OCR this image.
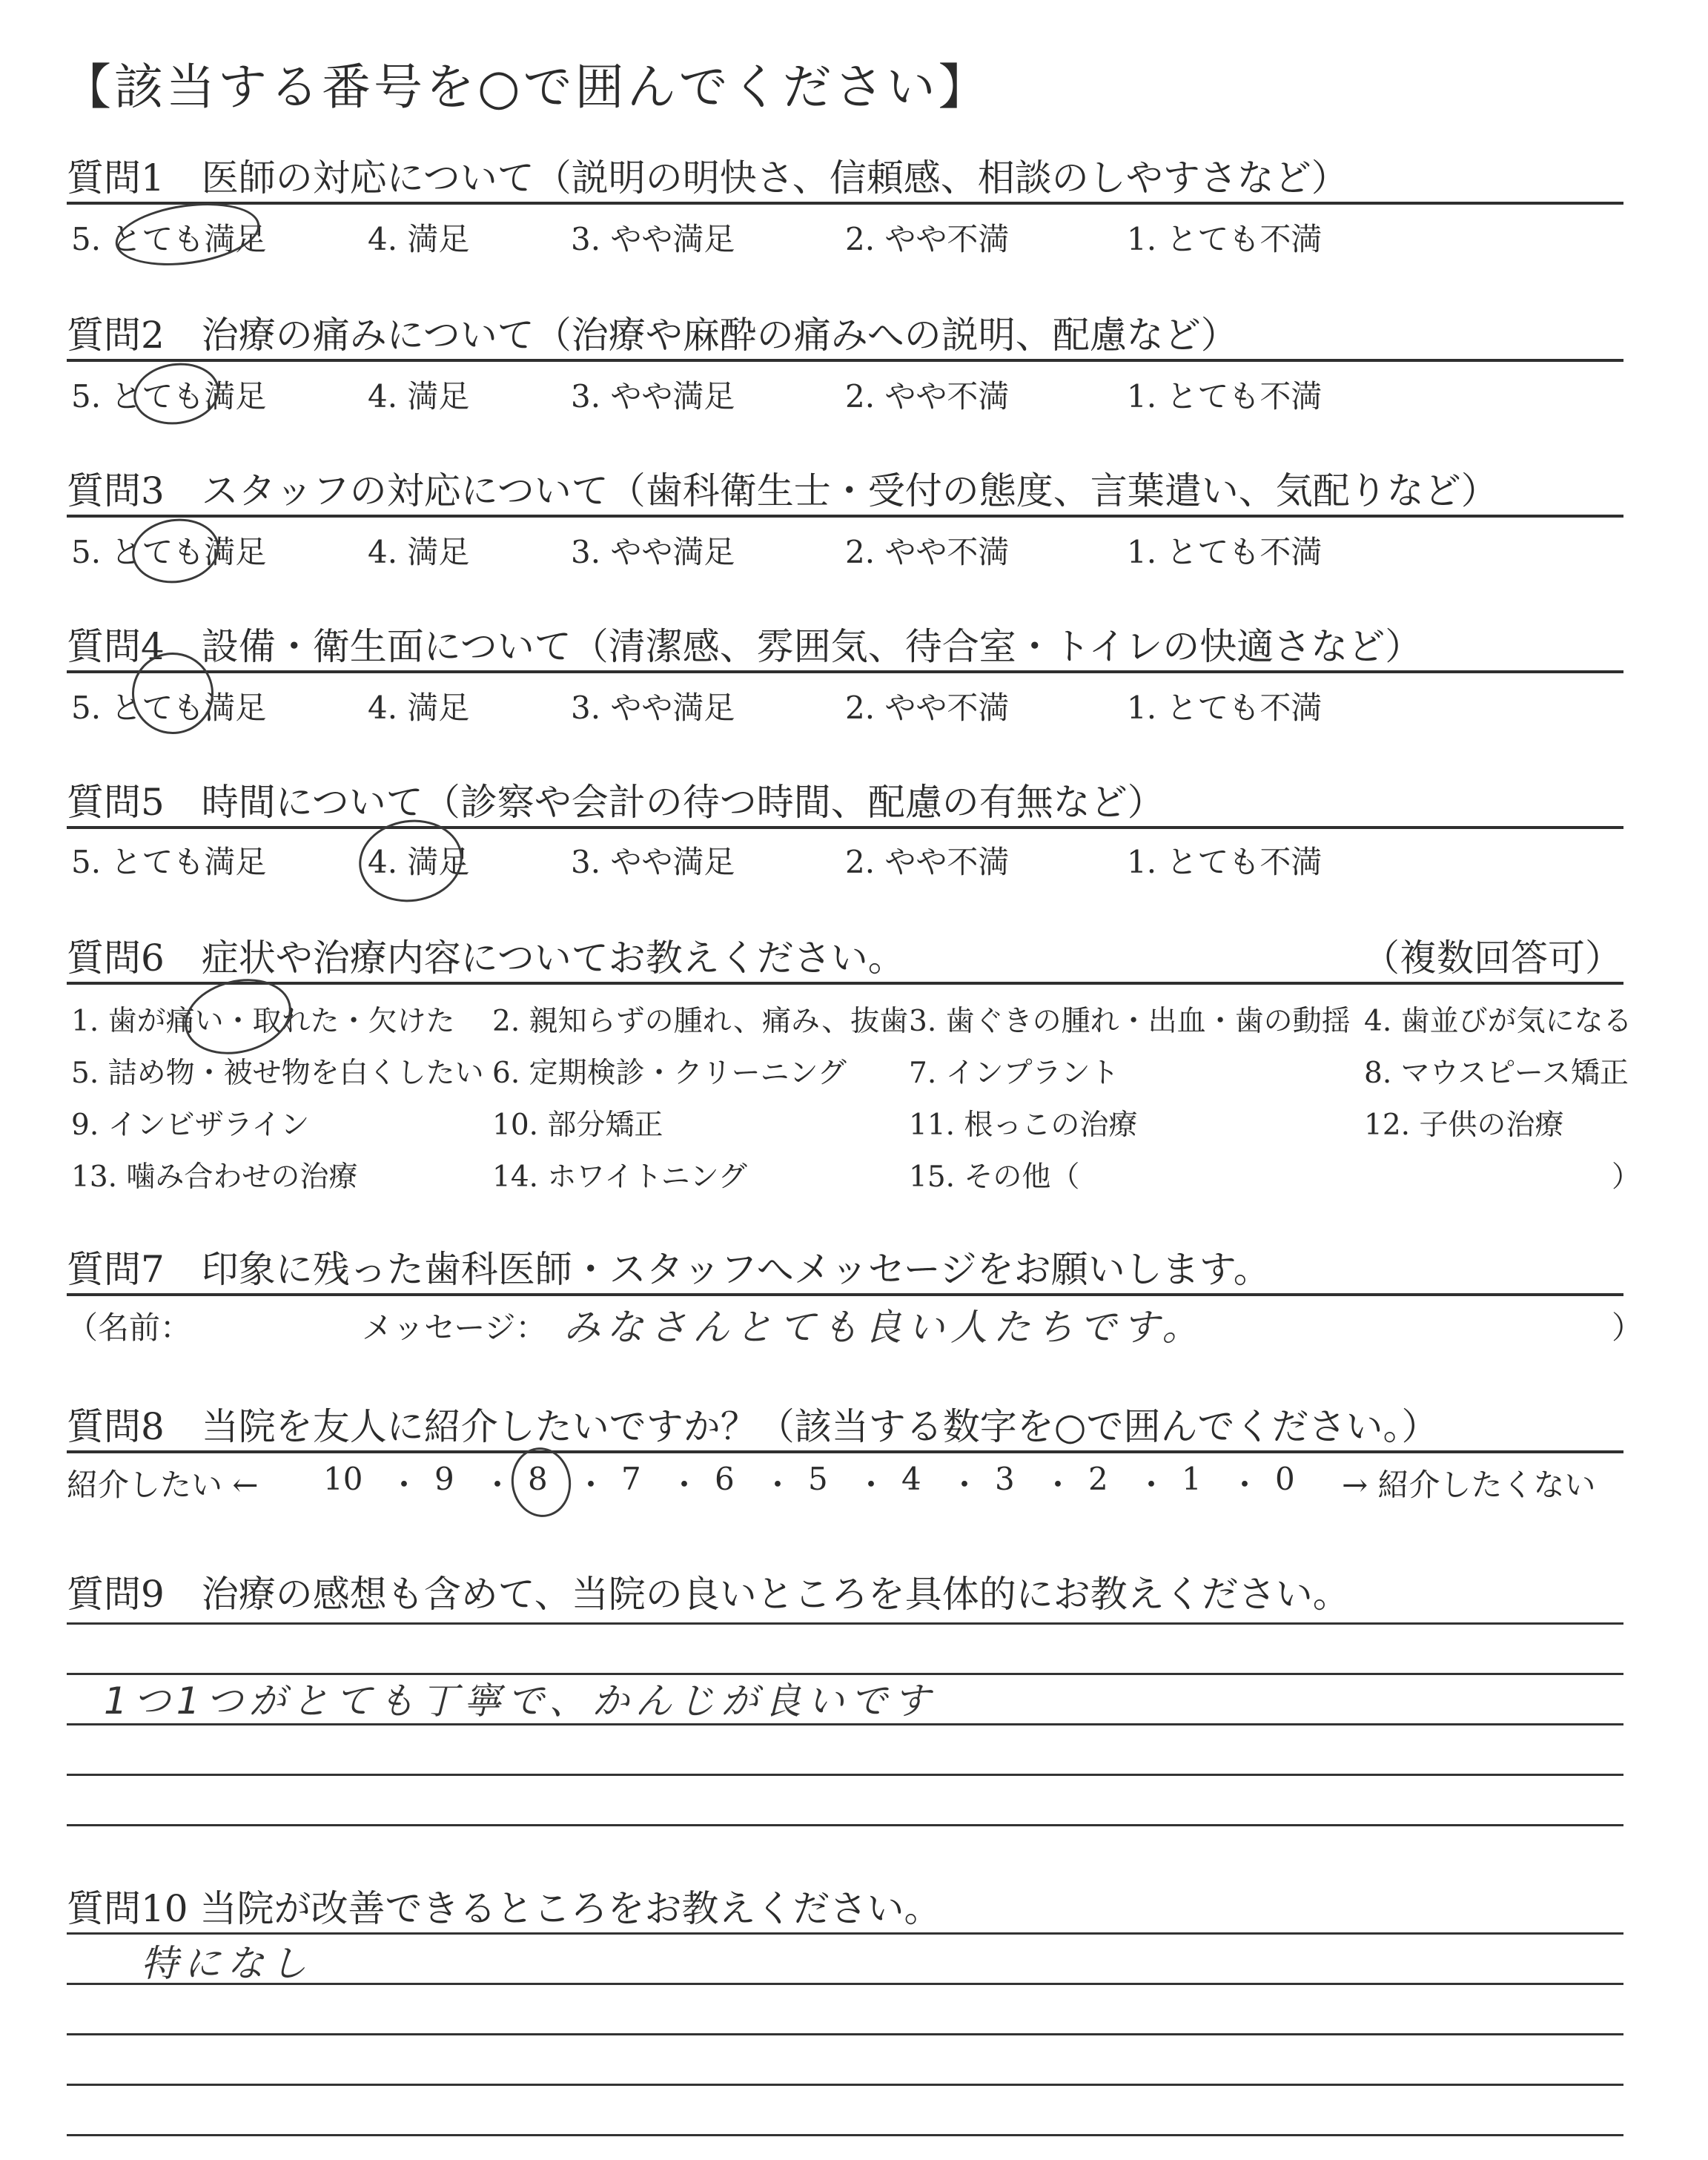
【該当する番号を○で囲んでください】
質問1　医師の対応について（説明の明快さ、信頼感、相談のしやすさなど）
5. とても満足	4. 満足	3. やや満足	2. やや不満	1. とても不満
質問2　治療の痛みについて（治療や麻酔の痛みへの説明、配慮など）
5. とても満足	4. 満足	3. やや満足	2. やや不満	1. とても不満
質問3　スタッフの対応について（歯科衛生士・受付の態度、言葉遣い、気配りなど）
5. とても満足	4. 満足	3. やや満足	2. やや不満	1. とても不満
質問4　設備・衛生面について（清潔感、雰囲気、待合室・トイレの快適さなど）
5. とても満足	4. 満足	3. やや満足	2. やや不満	1. とても不満
質問5　時間について（診察や会計の待つ時間、配慮の有無など）
5. とても満足	4. 満足	3. やや満足	2. やや不満	1. とても不満
質問6　症状や治療内容についてお教えください。	（複数回答可）
1. 歯が痛い・取れた・欠けた 2. 親知らずの腫れ、痛み、抜歯 3. 歯ぐきの腫れ・出血・歯の動揺 4. 歯並びが気になる
5. 詰め物・被せ物を白くしたい 6. 定期検診・クリーニング 7. インプラント	8. マウスピース矯正
9. インビザライン	10. 部分矯正	11. 根っこの治療	12. 子供の治療
13. 噛み合わせの治療	14. ホワイトニング	15. その他（	）
質問7　印象に残った歯科医師・スタッフへメッセージをお願いします。
（名前：	メッセージ： みなさんとても良い人たちです。	）
質問8　当院を友人に紹介したいですか？（該当する数字を○で囲んでください。）
紹介したい ← 10 ・ 9 ・ 8 ・ 7 ・ 6 ・ 5 ・ 4 ・ 3 ・ 2 ・ 1 ・ 0 → 紹介したくない
質問9　治療の感想も含めて、当院の良いところを具体的にお教えください。
1つ1つがとても丁寧で、かんじが良いです
質問10 当院が改善できるところをお教えください。
特になし
